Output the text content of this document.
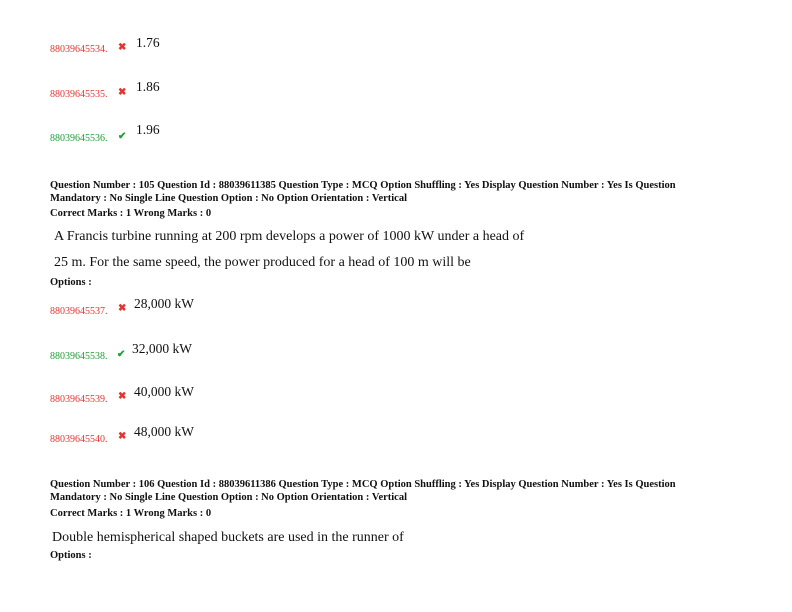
88039645534. ✖ 1.76
88039645535. ✖ 1.86
88039645536. ✔ 1.96
Question Number : 105 Question Id : 88039611385 Question Type : MCQ Option Shuffling : Yes Display Question Number : Yes Is Question
Mandatory : No Single Line Question Option : No Option Orientation : Vertical
Correct Marks : 1 Wrong Marks : 0
A Francis turbine running at 200 rpm develops a power of 1000 kW under a head of
25 m. For the same speed, the power produced for a head of 100 m will be
Options :
88039645537. ✖ 28,000 kW
88039645538. ✔ 32,000 kW
88039645539. ✖ 40,000 kW
88039645540. ✖ 48,000 kW
Question Number : 106 Question Id : 88039611386 Question Type : MCQ Option Shuffling : Yes Display Question Number : Yes Is Question
Mandatory : No Single Line Question Option : No Option Orientation : Vertical
Correct Marks : 1 Wrong Marks : 0
Double hemispherical shaped buckets are used in the runner of
Options :
